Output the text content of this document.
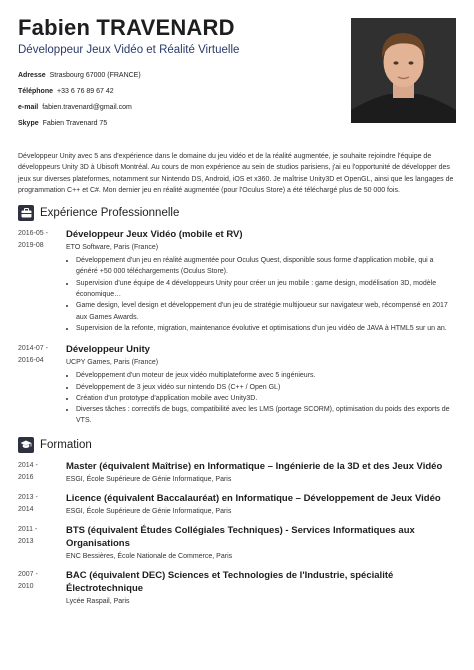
Fabien TRAVENARD
Développeur Jeux Vidéo et Réalité Virtuelle
Adresse Strasbourg 67000 (FRANCE)
Téléphone +33 6 76 89 67 42
e-mail fabien.travenard@gmail.com
Skype Fabien Travenard 75
Développeur Unity avec 5 ans d'expérience dans le domaine du jeu vidéo et de la réalité augmentée, je souhaite rejoindre l'équipe de développeurs Unity 3D à Ubisoft Montréal. Au cours de mon expérience au sein de studios parisiens, j'ai eu l'opportunité de développer des jeux sur diverses plateformes, notamment sur Nintendo DS, Android, iOS et x360. Je maîtrise Unity3D et OpenGL, ainsi que les langages de programmation C++ et C#. Mon dernier jeu en réalité augmentée (pour l'Oculus Store) a été téléchargé plus de 50 000 fois.
Expérience Professionnelle
2016-05 -
2019-08
Développeur Jeux Vidéo (mobile et RV)
ETO Software, Paris (France)
• Développement d'un jeu en réalité augmentée pour Oculus Quest, disponible sous forme d'application mobile, qui a généré +50 000 téléchargements (Oculus Store).
• Supervision d'une équipe de 4 développeurs Unity pour créer un jeu mobile : game design, modélisation 3D, modèle économique…
• Game design, level design et développement d'un jeu de stratégie multijoueur sur navigateur web, récompensé en 2017 aux Games Awards.
• Supervision de la refonte, migration, maintenance évolutive et optimisations d'un jeu vidéo de JAVA à HTML5 sur un an.
2014-07 -
2016-04
Développeur Unity
UCPY Games, Paris (France)
• Développement d'un moteur de jeux vidéo multiplateforme avec 5 ingénieurs.
• Développement de 3 jeux vidéo sur nintendo DS (C++ / Open GL)
• Création d'un prototype d'application mobile avec Unity3D.
• Diverses tâches : correctifs de bugs, compatibilité avec les LMS (portage SCORM), optimisation du poids des exports de VTS.
Formation
2014 -
2016
Master (équivalent Maîtrise) en Informatique – Ingénierie de la 3D et des Jeux Vidéo
ESGI, École Supérieure de Génie Informatique, Paris
2013 -
2014
Licence (équivalent Baccalauréat) en Informatique – Développement de Jeux Vidéo
ESGI, École Supérieure de Génie Informatique, Paris
2011 -
2013
BTS (équivalent Études Collégiales Techniques) - Services Informatiques aux Organisations
ENC Bessières, École Nationale de Commerce, Paris
2007 -
2010
BAC (équivalent DEC) Sciences et Technologies de l'Industrie, spécialité Électrotechnique
Lycée Raspail, Paris
